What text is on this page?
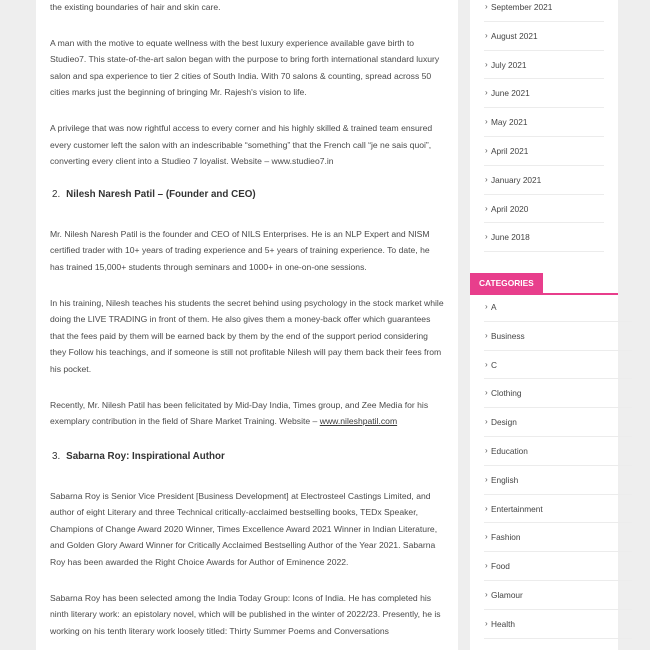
the existing boundaries of hair and skin care.

A man with the motive to equate wellness with the best luxury experience available gave birth to Studieo7. This state-of-the-art salon began with the purpose to bring forth international standard luxury salon and spa experience to tier 2 cities of South India. With 70 salons & counting, spread across 50 cities marks just the beginning of bringing Mr. Rajesh's vision to life.

A privilege that was now rightful access to every corner and his highly skilled & trained team ensured every customer left the salon with an indescribable “something” that the French call “je ne sais quoi”, converting every client into a Studieo 7 loyalist. Website – www.studieo7.in

2. Nilesh Naresh Patil – (Founder and CEO)

Mr. Nilesh Naresh Patil is the founder and CEO of NILS Enterprises. He is an NLP Expert and NISM certified trader with 10+ years of trading experience and 5+ years of training experience. To date, he has trained 15,000+ students through seminars and 1000+ in one-on-one sessions.

In his training, Nilesh teaches his students the secret behind using psychology in the stock market while doing the LIVE TRADING in front of them. He also gives them a money-back offer which guarantees that the fees paid by them will be earned back by them by the end of the support period considering they Follow his teachings, and if someone is still not profitable Nilesh will pay them back their fees from his pocket.

Recently, Mr. Nilesh Patil has been felicitated by Mid-Day India, Times group, and Zee Media for his exemplary contribution in the field of Share Market Training. Website – www.nileshpatil.com

3. Sabarna Roy: Inspirational Author

Sabarna Roy is Senior Vice President [Business Development] at Electrosteel Castings Limited, and author of eight Literary and three Technical critically-acclaimed bestselling books, TEDx Speaker, Champions of Change Award 2020 Winner, Times Excellence Award 2021 Winner in Indian Literature, and Golden Glory Award Winner for Critically Acclaimed Bestselling Author of the Year 2021. Sabarna Roy has been awarded the Right Choice Awards for Author of Eminence 2022.

Sabarna Roy has been selected among the India Today Group: Icons of India. He has completed his ninth literary work: an epistolary novel, which will be published in the winter of 2022/23. Presently, he is working on his tenth literary work loosely titled: Thirty Summer Poems and Conversations

› September 2021
› August 2021
› July 2021
› June 2021
› May 2021
› April 2021
› January 2021
› April 2020
› June 2018
CATEGORIES
› A
› Business
› C
› Clothing
› Design
› Education
› English
› Entertainment
› Fashion
› Food
› Glamour
› Health
